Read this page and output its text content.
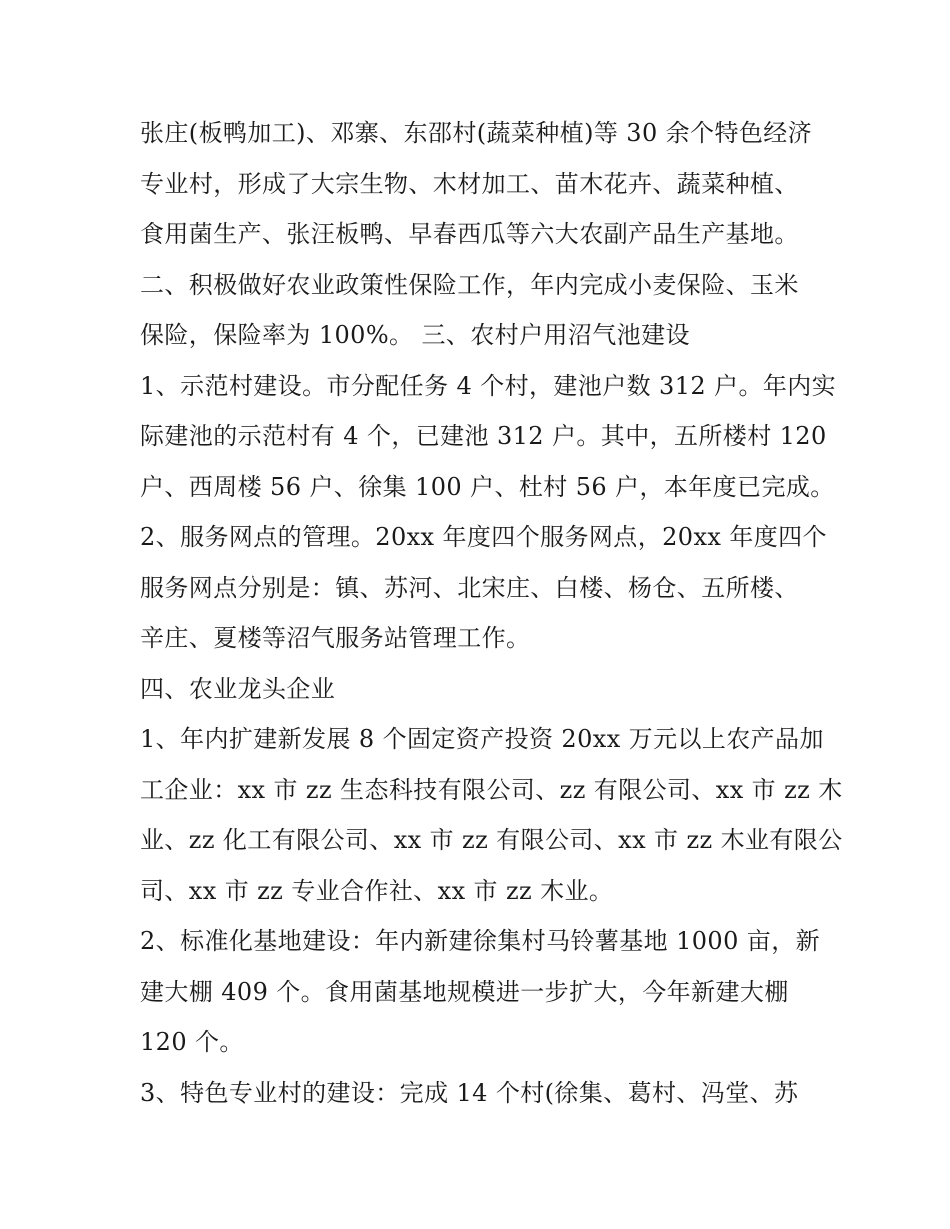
张庄(板鸭加工)、邓寨、东邵村(蔬菜种植)等 30 余个特色经济
专业村，形成了大宗生物、木材加工、苗木花卉、蔬菜种植、
食用菌生产、张汪板鸭、早春西瓜等六大农副产品生产基地。
二、积极做好农业政策性保险工作，年内完成小麦保险、玉米
保险，保险率为 100%。 三、农村户用沼气池建设
1、示范村建设。市分配任务 4 个村，建池户数 312 户。年内实
际建池的示范村有 4 个，已建池 312 户。其中，五所楼村 120
户、西周楼 56 户、徐集 100 户、杜村 56 户，本年度已完成。
2、服务网点的管理。20xx 年度四个服务网点，20xx 年度四个
服务网点分别是：镇、苏河、北宋庄、白楼、杨仓、五所楼、
辛庄、夏楼等沼气服务站管理工作。
四、农业龙头企业
1、年内扩建新发展 8 个固定资产投资 20xx 万元以上农产品加
工企业：xx 市 zz 生态科技有限公司、zz 有限公司、xx 市 zz 木
业、zz 化工有限公司、xx 市 zz 有限公司、xx 市 zz 木业有限公
司、xx 市 zz 专业合作社、xx 市 zz 木业。
2、标准化基地建设：年内新建徐集村马铃薯基地 1000 亩，新
建大棚 409 个。食用菌基地规模进一步扩大，今年新建大棚
120 个。
3、特色专业村的建设：完成 14 个村(徐集、葛村、冯堂、苏
